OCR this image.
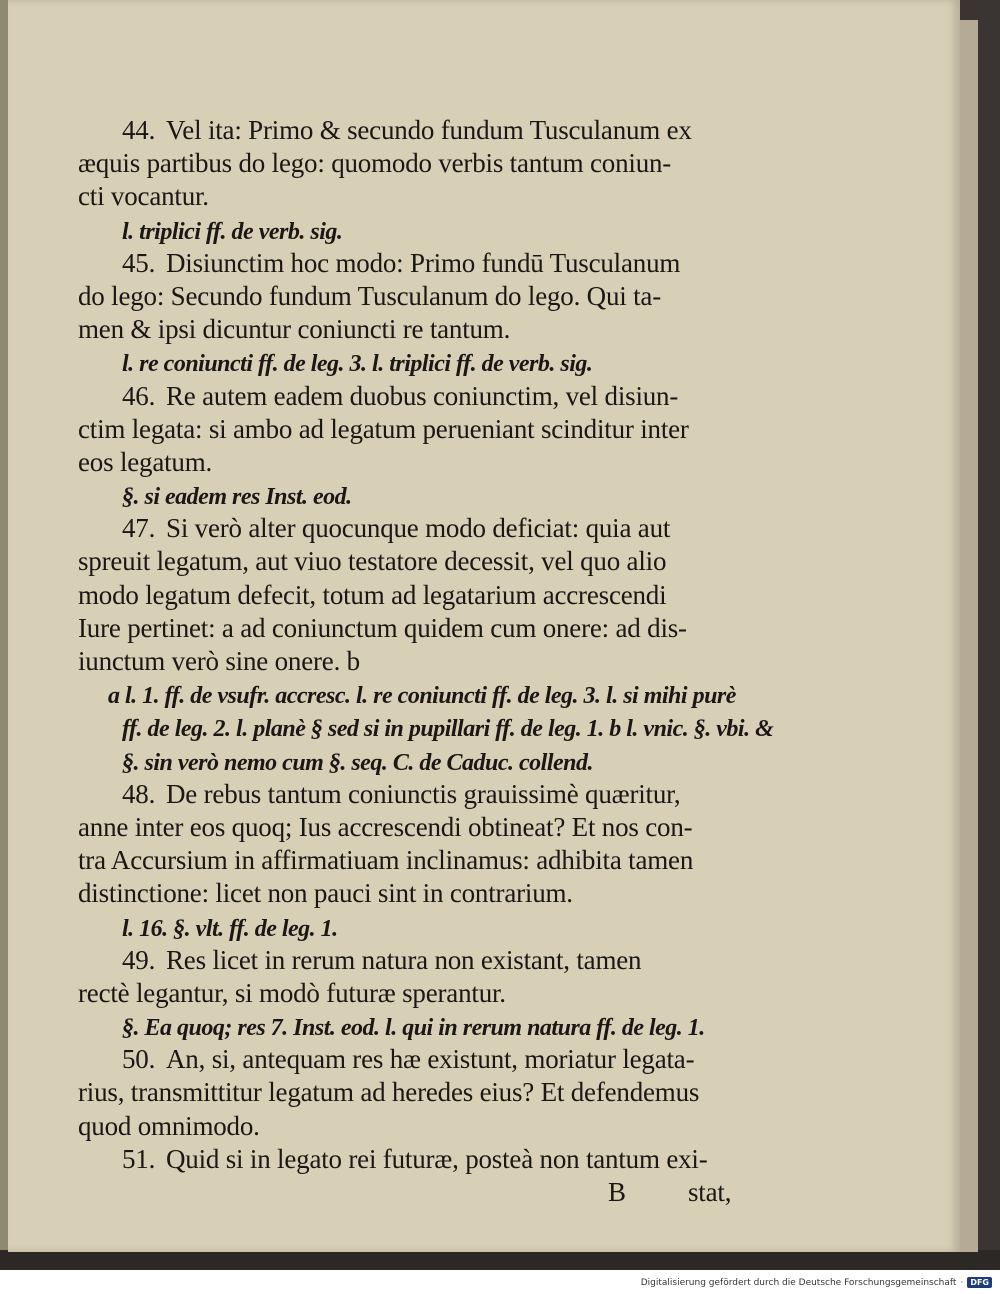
44. Vel ita: Primo & secundo fundum Tusculanum ex
æquis partibus do lego: quomodo verbis tantum coniun-
cti vocantur.
l. triplici ff. de verb. sig.
45. Disiunctim hoc modo: Primo fundū Tusculanum
do lego: Secundo fundum Tusculanum do lego. Qui ta-
men & ipsi dicuntur coniuncti re tantum.
l. re coniuncti ff. de leg. 3. l. triplici ff. de verb. sig.
46. Re autem eadem duobus coniunctim, vel disiun-
ctim legata: si ambo ad legatum perueniant scinditur inter
eos legatum.
§. si eadem res Inst. eod.
47. Si verò alter quocunque modo deficiat: quia aut
spreuit legatum, aut viuo testatore decessit, vel quo alio
modo legatum defecit, totum ad legatarium accrescendi
Iure pertinet: a ad coniunctum quidem cum onere: ad dis-
iunctum verò sine onere. b
a l. 1. ff. de vsufr. accresc. l. re coniuncti ff. de leg. 3. l. si mihi purè
ff. de leg. 2. l. planè § sed si in pupillari ff. de leg. 1. b l. vnic. §. vbi. &
§. sin verò nemo cum §. seq. C. de Caduc. collend.
48. De rebus tantum coniunctis grauissimè quæritur,
anne inter eos quoq; Ius accrescendi obtineat? Et nos con-
tra Accursium in affirmatiuam inclinamus: adhibita tamen
distinctione: licet non pauci sint in contrarium.
l. 16. §. vlt. ff. de leg. 1.
49. Res licet in rerum natura non existant, tamen
rectè legantur, si modò futuræ sperantur.
§. Ea quoq; res 7. Inst. eod. l. qui in rerum natura ff. de leg. 1.
50. An, si, antequam res hæ existunt, moriatur legata-
rius, transmittitur legatum ad heredes eius? Et defendemus
quod omnimodo.
51. Quid si in legato rei futuræ, posteà non tantum exi-
B stat,
Digitalisierung gefördert durch die Deutsche Forschungsgemeinschaft · DFG
